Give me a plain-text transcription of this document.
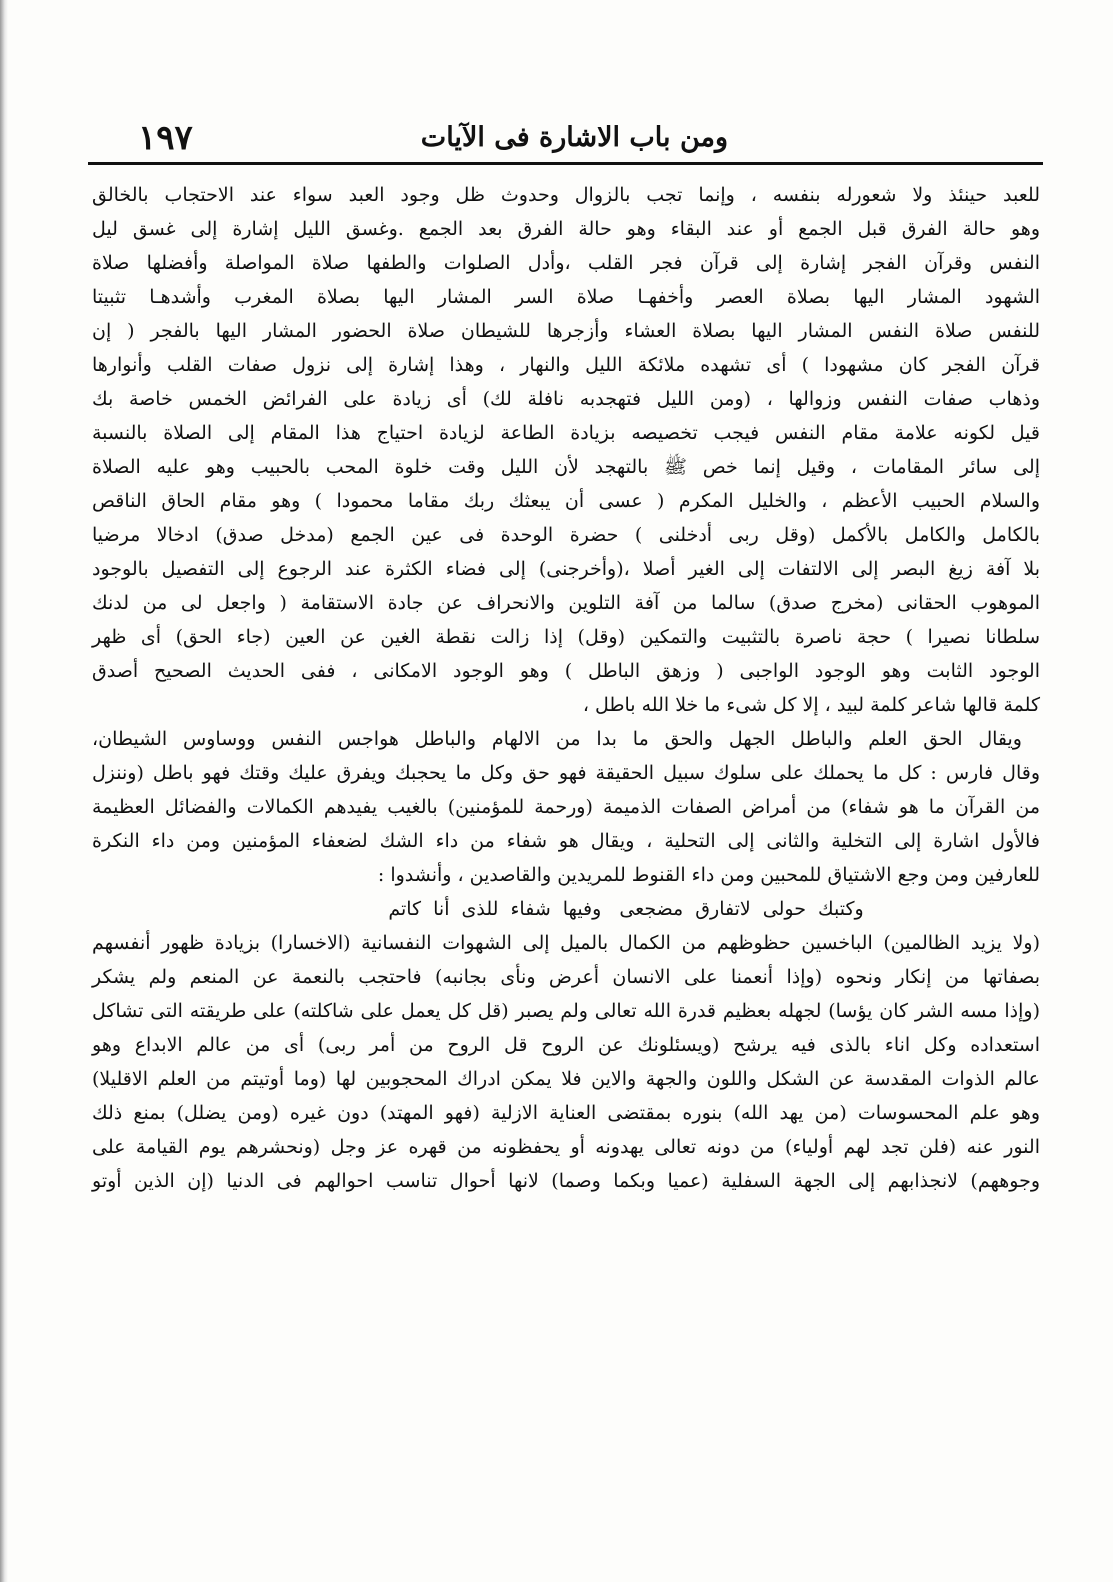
ومن باب الاشارة فى الآيات
١٩٧

للعبد حينئذ ولا شعورله بنفسه ، وإنما تجب بالزوال وحدوث ظل وجود العبد سواء عند الاحتجاب بالخالق

وهو حالة الفرق قبل الجمع أو عند البقاء وهو حالة الفرق بعد الجمع .وغسق الليل إشارة إلى غسق ليل

النفس وقرآن الفجر إشارة إلى قرآن فجر القلب ،وأدل الصلوات والطفها صلاة المواصلة وأفضلها صلاة

الشهود المشار اليها بصلاة العصر وأخفهـا صلاة السر المشار اليها بصلاة المغرب وأشدهـا تثبيتا

للنفس صلاة النفس المشار اليها بصلاة العشاء وأزجرها للشيطان صلاة الحضور المشار اليها بالفجر ( إن

قرآن الفجر كان مشهودا ) أى تشهده ملائكة الليل والنهار ، وهذا إشارة إلى نزول صفات القلب وأنوارها

وذهاب صفات النفس وزوالها ، (ومن الليل فتهجدبه نافلة لك) أى زيادة على الفرائض الخمس خاصة بك

قيل لكونه علامة مقام النفس فيجب تخصيصه بزيادة الطاعة لزيادة احتياج هذا المقام إلى الصلاة بالنسبة

إلى سائر المقامات ، وقيل إنما خص ﷺ بالتهجد لأن الليل وقت خلوة المحب بالحبيب وهو عليه الصلاة

والسلام الحبيب الأعظم ، والخليل المكرم ( عسى أن يبعثك ربك مقاما محمودا ) وهو مقام الحاق الناقص

بالكامل والكامل بالأكمل (وقل ربى أدخلنى ) حضرة الوحدة فى عين الجمع (مدخل صدق) ادخالا مرضيا

بلا آفة زيغ البصر إلى الالتفات إلى الغير أصلا ،(وأخرجنى) إلى فضاء الكثرة عند الرجوع إلى التفصيل بالوجود

الموهوب الحقانى (مخرج صدق) سالما من آفة التلوين والانحراف عن جادة الاستقامة ( واجعل لى من لدنك

سلطانا نصيرا ) حجة ناصرة بالتثبيت والتمكين (وقل) إذا زالت نقطة الغين عن العين (جاء الحق) أى ظهر

الوجود الثابت وهو الوجود الواجبى ( وزهق الباطل ) وهو الوجود الامكانى ، ففى الحديث الصحيح أصدق

كلمة قالها شاعر كلمة لبيد ، إلا كل شىء ما خلا الله باطل ،

ويقال الحق العلم والباطل الجهل والحق ما بدا من الالهام والباطل هواجس النفس ووساوس الشيطان،

وقال فارس : كل ما يحملك على سلوك سبيل الحقيقة فهو حق وكل ما يحجبك ويفرق عليك وقتك فهو باطل (وننزل

من القرآن ما هو شفاء) من أمراض الصفات الذميمة (ورحمة للمؤمنين) بالغيب يفيدهم الكمالات والفضائل العظيمة

فالأول اشارة إلى التخلية والثانى إلى التحلية ، ويقال هو شفاء من داء الشك لضعفاء المؤمنين ومن داء النكرة

للعارفين ومن وجع الاشتياق للمحبين ومن داء القنوط للمريدين والقاصدين ، وأنشدوا :

وكتبك حولى لاتفارق مضجعىوفيها شفاء للذى أنا كاتم

(ولا يزيد الظالمين) الباخسين حظوظهم من الكمال بالميل إلى الشهوات النفسانية (الاخسارا) بزيادة ظهور أنفسهم

بصفاتها من إنكار ونحوه (وإذا أنعمنا على الانسان أعرض ونأى بجانبه) فاحتجب بالنعمة عن المنعم ولم يشكر

(وإذا مسه الشر كان يؤسا) لجهله بعظيم قدرة الله تعالى ولم يصبر (قل كل يعمل على شاكلته) على طريقته التى تشاكل

استعداده وكل اناء بالذى فيه يرشح (ويسئلونك عن الروح قل الروح من أمر ربى) أى من عالم الابداع وهو

عالم الذوات المقدسة عن الشكل واللون والجهة والاين فلا يمكن ادراك المحجوبين لها (وما أوتيتم من العلم الاقليلا)

وهو علم المحسوسات (من يهد الله) بنوره بمقتضى العناية الازلية (فهو المهتد) دون غيره (ومن يضلل) بمنع ذلك

النور عنه (فلن تجد لهم أولياء) من دونه تعالى يهدونه أو يحفظونه من قهره عز وجل (ونحشرهم يوم القيامة على

وجوههم) لانجذابهم إلى الجهة السفلية (عميا وبكما وصما) لانها أحوال تناسب احوالهم فى الدنيا (إن الذين أوتو
